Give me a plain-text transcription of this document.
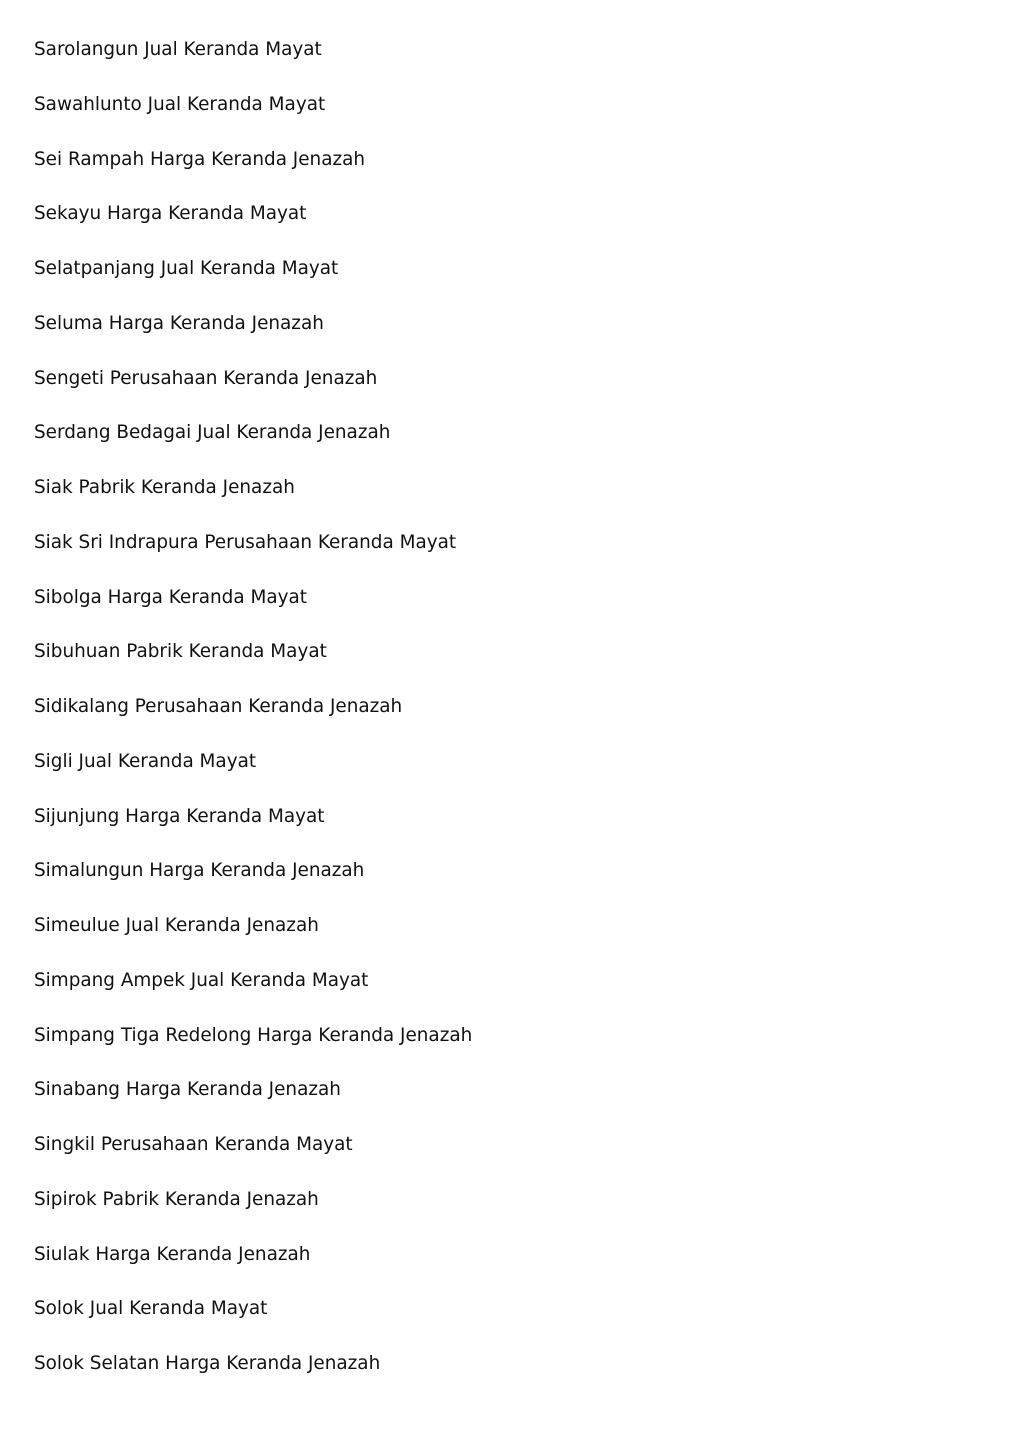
Sarolangun Jual Keranda Mayat
Sawahlunto Jual Keranda Mayat
Sei Rampah Harga Keranda Jenazah
Sekayu Harga Keranda Mayat
Selatpanjang Jual Keranda Mayat
Seluma Harga Keranda Jenazah
Sengeti Perusahaan Keranda Jenazah
Serdang Bedagai Jual Keranda Jenazah
Siak Pabrik Keranda Jenazah
Siak Sri Indrapura Perusahaan Keranda Mayat
Sibolga Harga Keranda Mayat
Sibuhuan Pabrik Keranda Mayat
Sidikalang Perusahaan Keranda Jenazah
Sigli Jual Keranda Mayat
Sijunjung Harga Keranda Mayat
Simalungun Harga Keranda Jenazah
Simeulue Jual Keranda Jenazah
Simpang Ampek Jual Keranda Mayat
Simpang Tiga Redelong Harga Keranda Jenazah
Sinabang Harga Keranda Jenazah
Singkil Perusahaan Keranda Mayat
Sipirok Pabrik Keranda Jenazah
Siulak Harga Keranda Jenazah
Solok Jual Keranda Mayat
Solok Selatan Harga Keranda Jenazah
